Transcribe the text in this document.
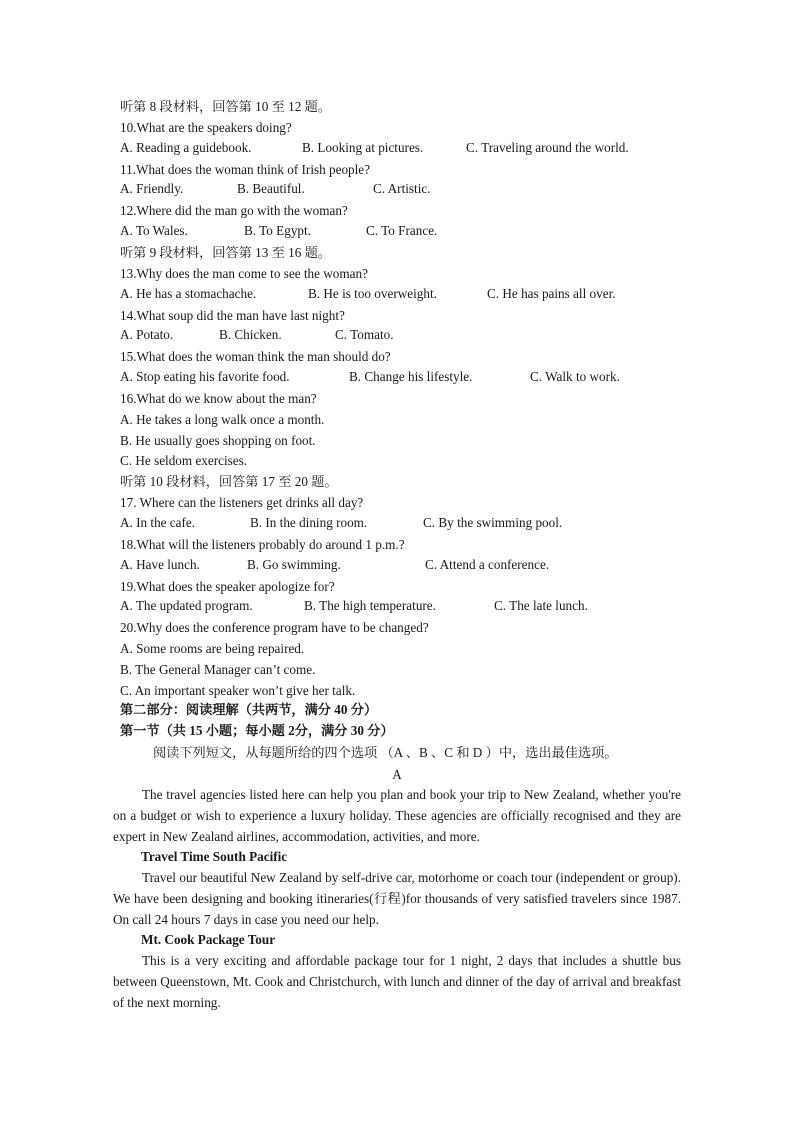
听第 8 段材料，回答第 10 至 12 题。
10.What are the speakers doing?
A. Reading a guidebook.	B. Looking at pictures.	C. Traveling around the world.
11.What does the woman think of Irish people?
A. Friendly.	B. Beautiful.	C. Artistic.
12.Where did the man go with the woman?
A. To Wales.	B. To Egypt.	C. To France.
听第 9 段材料，回答第 13 至 16 题。
13.Why does the man come to see the woman?
A. He has a stomachache.	B. He is too overweight.	C. He has pains all over.
14.What soup did the man have last night?
A. Potato.	B. Chicken.	C. Tomato.
15.What does the woman think the man should do?
A. Stop eating his favorite food.	B. Change his lifestyle.	C. Walk to work.
16.What do we know about the man?
A. He takes a long walk once a month.
B. He usually goes shopping on foot.
C. He seldom exercises.
听第 10 段材料，回答第 17 至 20 题。
17. Where can the listeners get drinks all day?
A. In the cafe.	B. In the dining room.	C. By the swimming pool.
18.What will the listeners probably do around 1 p.m.?
A. Have lunch.	B. Go swimming.	C. Attend a conference.
19.What does the speaker apologize for?
A. The updated program.	B. The high temperature.	C. The late lunch.
20.Why does the conference program have to be changed?
A. Some rooms are being repaired.
B. The General Manager can’t come.
C. An important speaker won’t give her talk.
第二部分：阅读理解（共两节，满分 40 分）
第一节（共 15 小题；每小题 2分，满分 30 分）
阅读下列短文，从每题所给的四个选项 （A 、B 、C 和 D ）中，选出最佳选项。
A
The travel agencies listed here can help you plan and book your trip to New Zealand, whether you're on a budget or wish to experience a luxury holiday. These agencies are officially recognised and they are expert in New Zealand airlines, accommodation, activities, and more.
Travel Time South Pacific
Travel our beautiful New Zealand by self-drive car, motorhome or coach tour (independent or group). We have been designing and booking itineraries(行程)for thousands of very satisfied travelers since 1987. On call 24 hours 7 days in case you need our help.
Mt. Cook Package Tour
This is a very exciting and affordable package tour for 1 night, 2 days that includes a shuttle bus between Queenstown, Mt. Cook and Christchurch, with lunch and dinner of the day of arrival and breakfast of the next morning.
